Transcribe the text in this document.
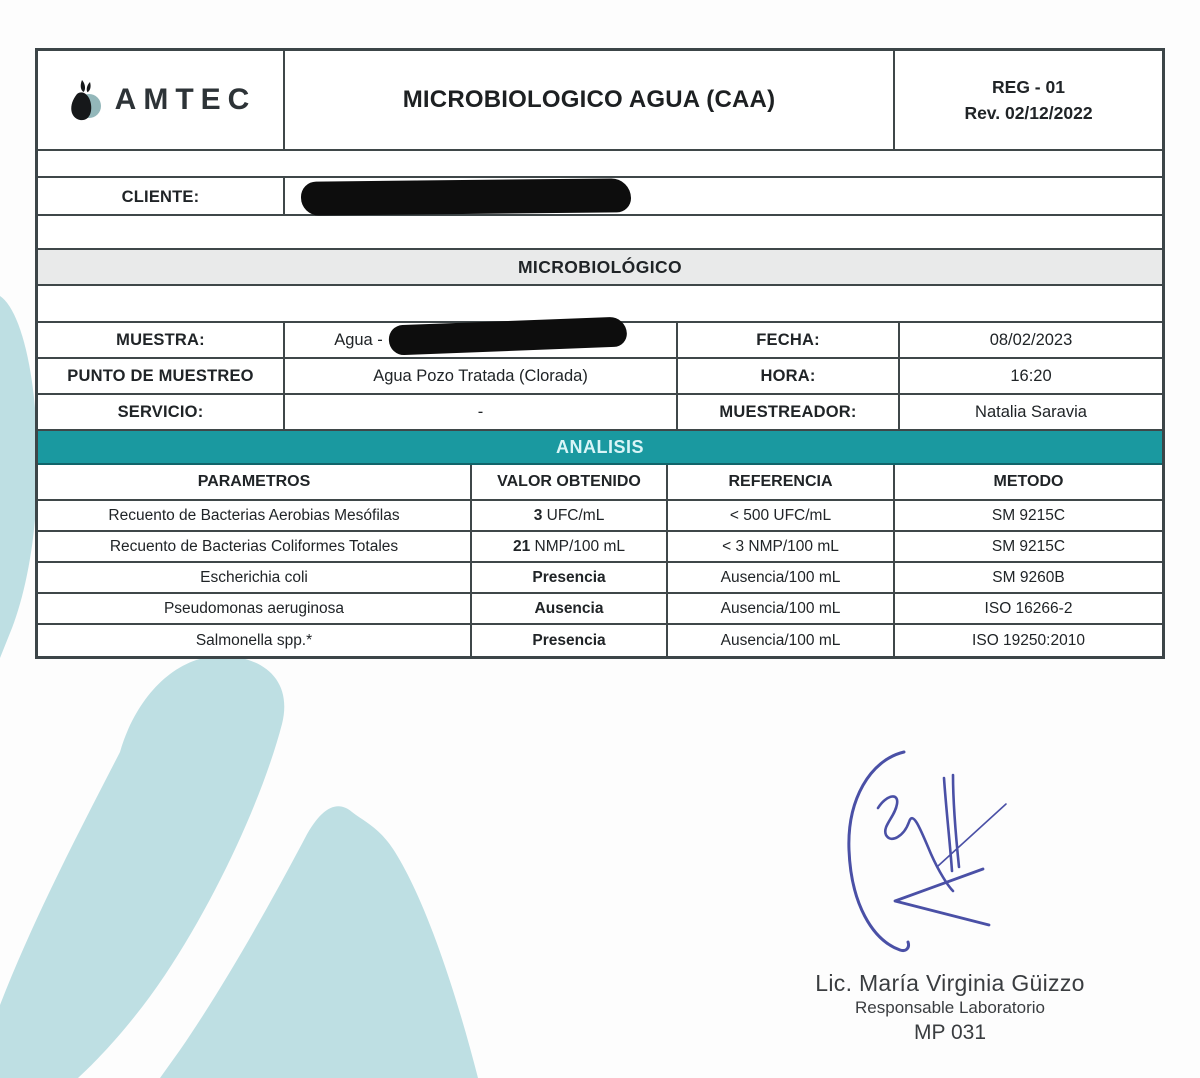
AMTEC	MICROBIOLOGICO AGUA (CAA)	REG - 01
Rev. 02/12/2022
CLIENTE:
MICROBIOLÓGICO
MUESTRA:	Agua -	FECHA:	08/02/2023
PUNTO DE MUESTREO	Agua Pozo Tratada (Clorada)	HORA:	16:20
SERVICIO:	-	MUESTREADOR:	Natalia Saravia
ANALISIS
PARAMETROS	VALOR OBTENIDO	REFERENCIA	METODO
Recuento de Bacterias Aerobias Mesófilas	3 UFC/mL	< 500 UFC/mL	SM 9215C
Recuento de Bacterias Coliformes Totales	21 NMP/100 mL	< 3 NMP/100 mL	SM 9215C
Escherichia coli	Presencia	Ausencia/100 mL	SM 9260B
Pseudomonas aeruginosa	Ausencia	Ausencia/100 mL	ISO 16266-2
Salmonella spp.*	Presencia	Ausencia/100 mL	ISO 19250:2010
Lic. María Virginia Güizzo
Responsable Laboratorio
MP 031
